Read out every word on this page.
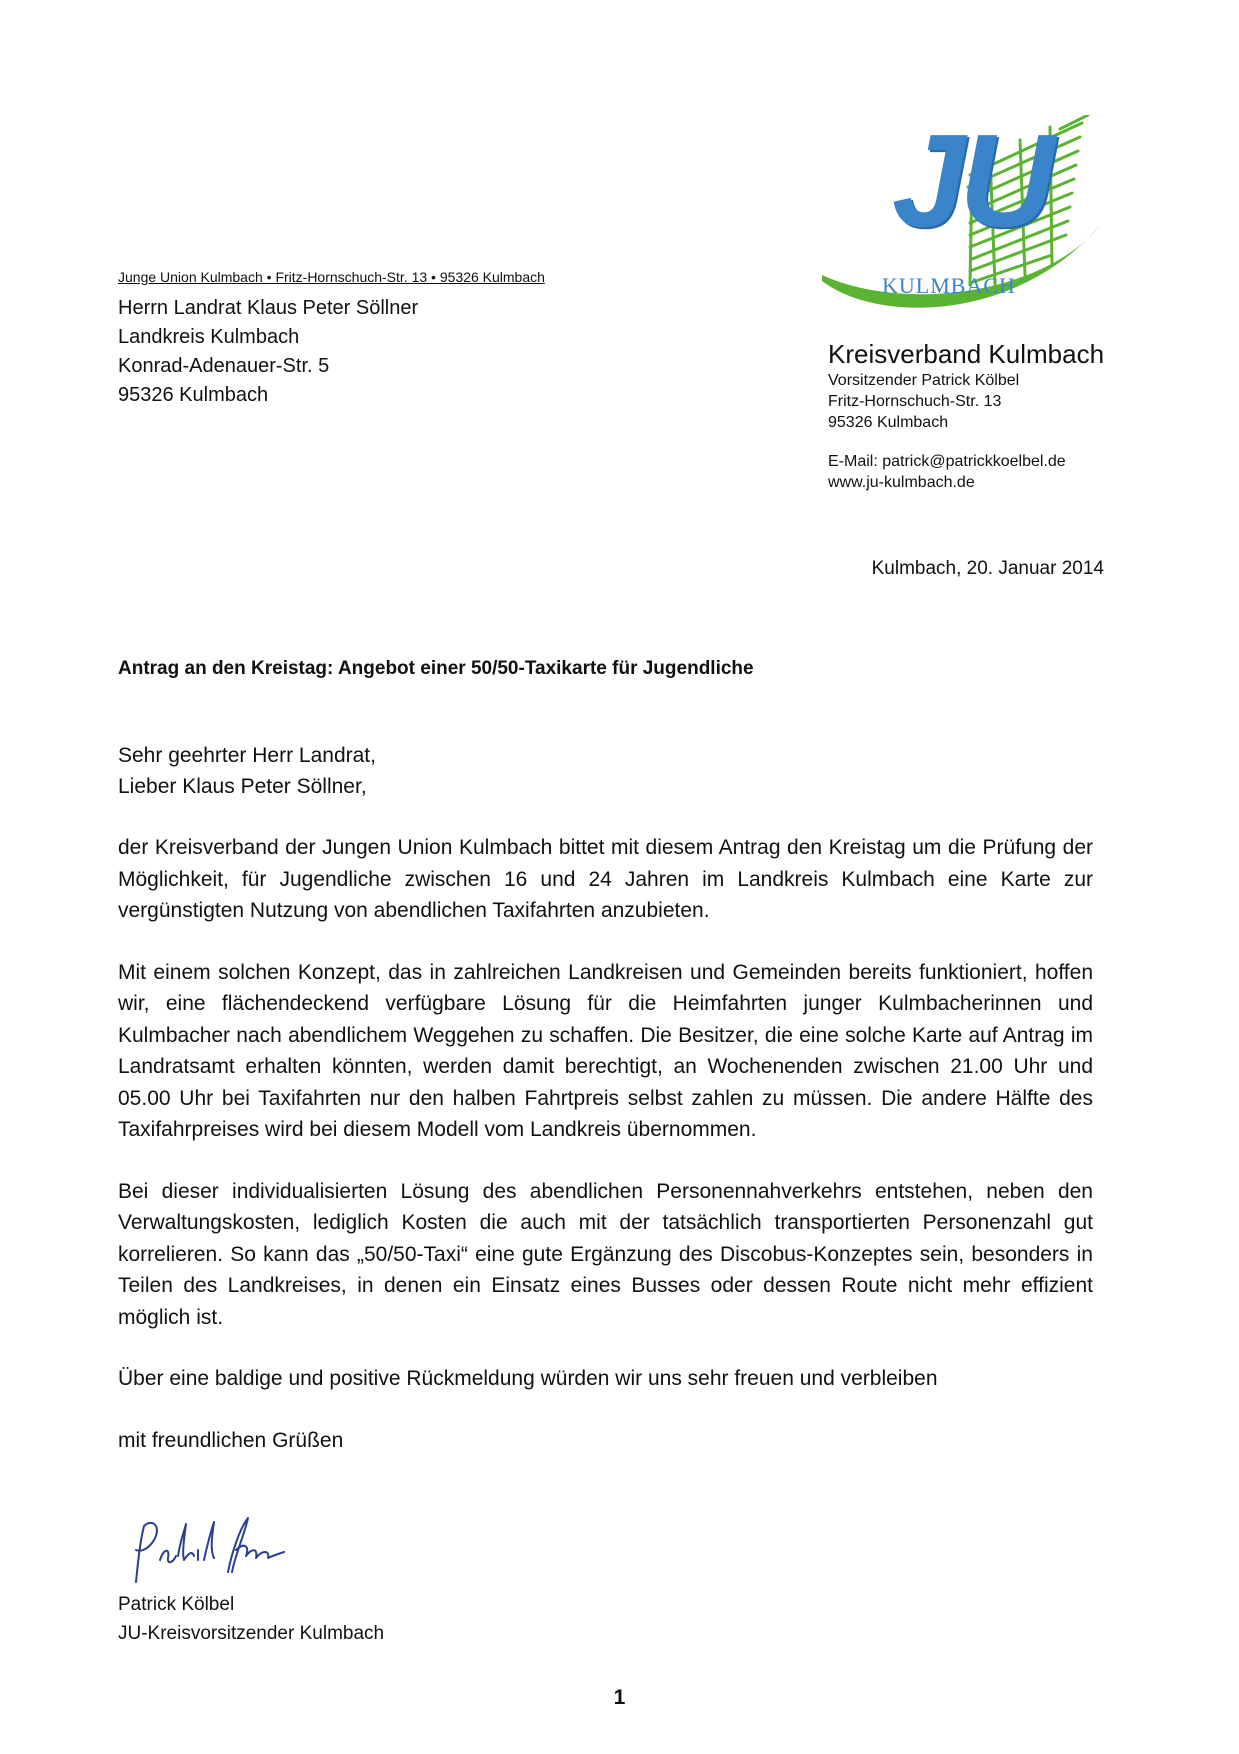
JU
KULMBACH
Kreisverband Kulmbach
Vorsitzender Patrick Kölbel
Fritz-Hornschuch-Str. 13
95326 Kulmbach
E-Mail: patrick@patrickkoelbel.de
www.ju-kulmbach.de
Junge Union Kulmbach • Fritz-Hornschuch-Str. 13 • 95326 Kulmbach
Herrn Landrat Klaus Peter Söllner
Landkreis Kulmbach
Konrad-Adenauer-Str. 5
95326 Kulmbach
Kulmbach, 20. Januar 2014
Antrag an den Kreistag: Angebot einer 50/50-Taxikarte für Jugendliche
Sehr geehrter Herr Landrat,
Lieber Klaus Peter Söllner,

der Kreisverband der Jungen Union Kulmbach bittet mit diesem Antrag den Kreistag um die Prüfung der Möglichkeit, für Jugendliche zwischen 16 und 24 Jahren im Landkreis Kulmbach eine Karte zur vergünstigten Nutzung von abendlichen Taxifahrten anzubieten.

Mit einem solchen Konzept, das in zahlreichen Landkreisen und Gemeinden bereits funktioniert, hoffen wir, eine flächendeckend verfügbare Lösung für die Heimfahrten junger Kulmbacherinnen und Kulmbacher nach abendlichem Weggehen zu schaffen. Die Besitzer, die eine solche Karte auf Antrag im Landratsamt erhalten könnten, werden damit berechtigt, an Wochenenden zwischen 21.00 Uhr und 05.00 Uhr bei Taxifahrten nur den halben Fahrtpreis selbst zahlen zu müssen. Die andere Hälfte des Taxifahrpreises wird bei diesem Modell vom Landkreis übernommen.

Bei dieser individualisierten Lösung des abendlichen Personennahverkehrs entstehen, neben den Verwaltungskosten, lediglich Kosten die auch mit der tatsächlich transportierten Personenzahl gut korrelieren. So kann das „50/50-Taxi“ eine gute Ergänzung des Discobus-Konzeptes sein, besonders in Teilen des Landkreises, in denen ein Einsatz eines Busses oder dessen Route nicht mehr effizient möglich ist.

Über eine baldige und positive Rückmeldung würden wir uns sehr freuen und verbleiben

mit freundlichen Grüßen

Patrick Kölbel
JU-Kreisvorsitzender Kulmbach
1
